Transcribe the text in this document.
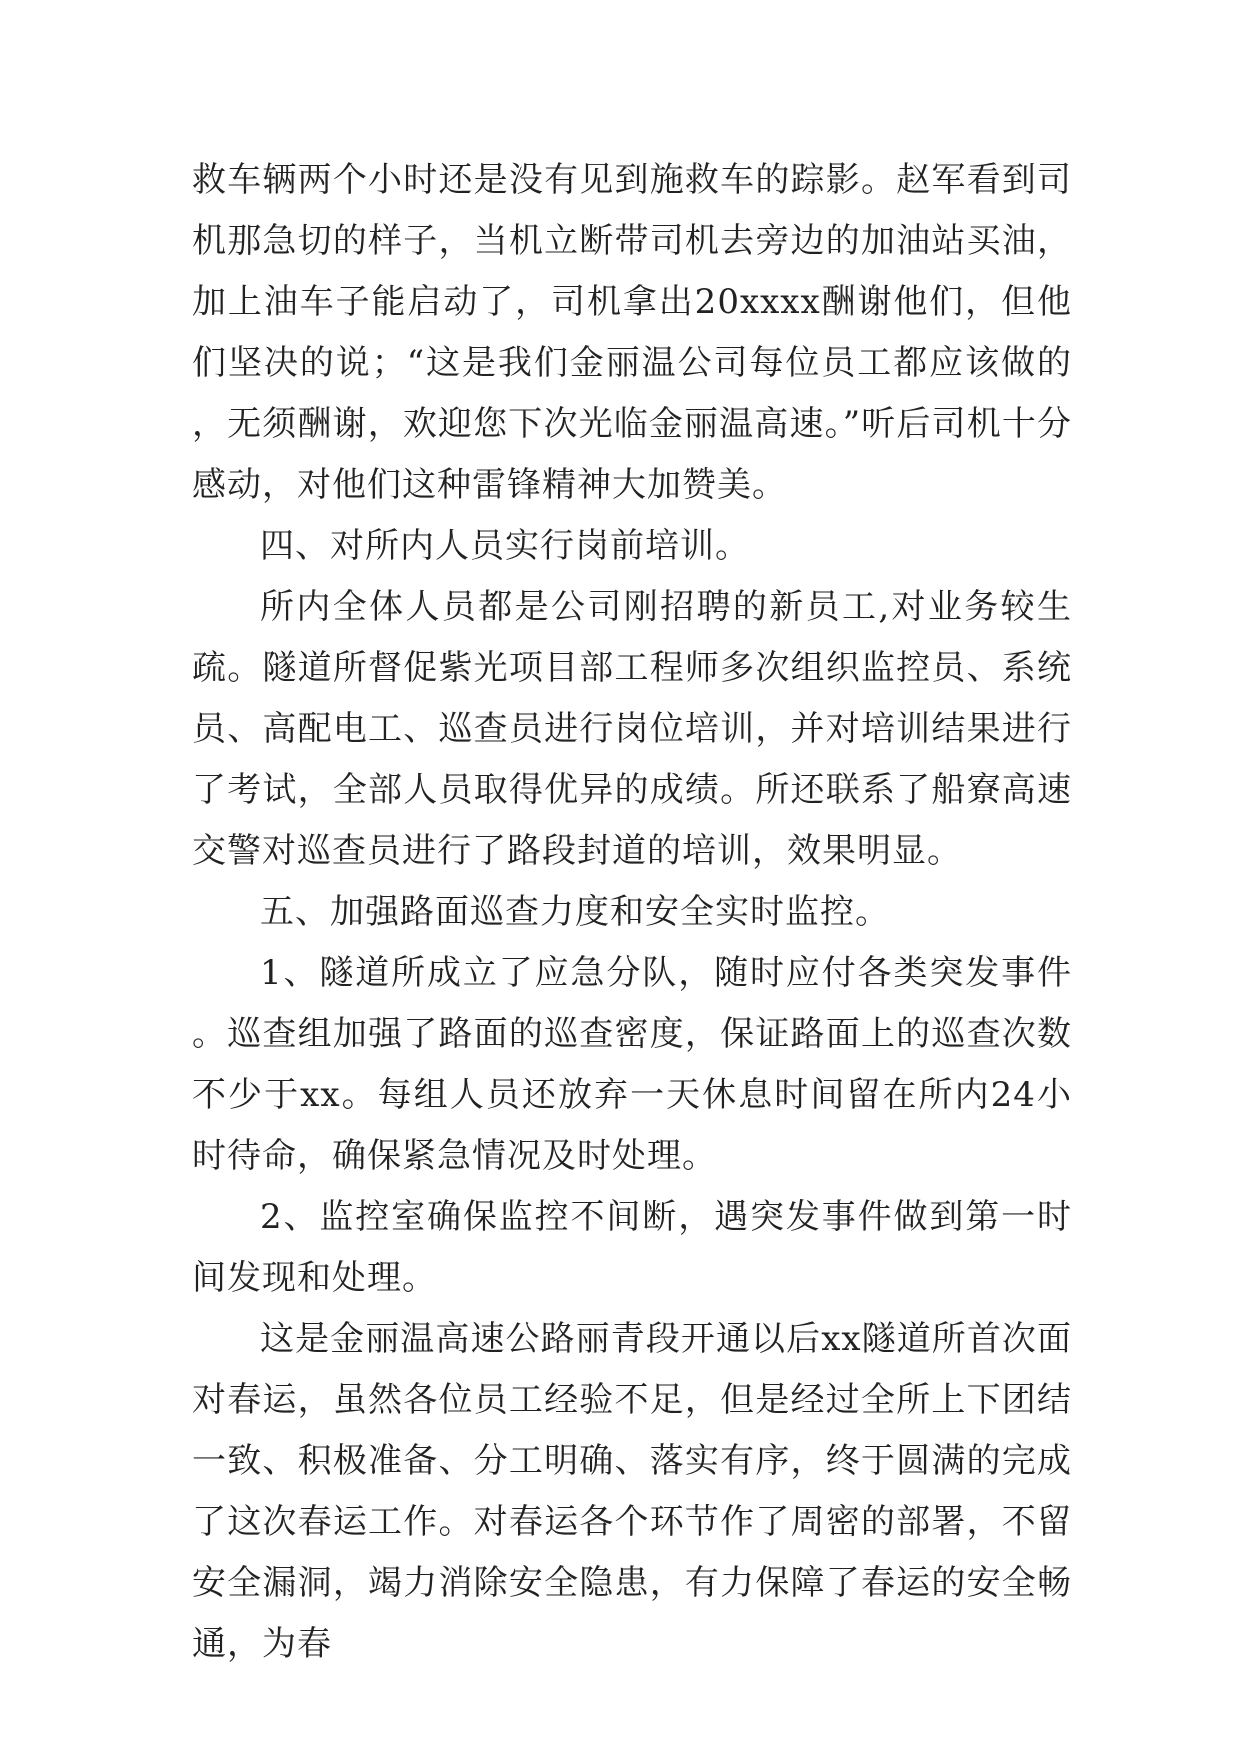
救车辆两个小时还是没有见到施救车的踪影。赵军看到司机那急切的样子，当机立断带司机去旁边的加油站买油，加上油车子能启动了，司机拿出20xxxx酬谢他们，但他们坚决的说；“这是我们金丽温公司每位员工都应该做的，无须酬谢，欢迎您下次光临金丽温高速。”听后司机十分感动，对他们这种雷锋精神大加赞美。

四、对所内人员实行岗前培训。

所内全体人员都是公司刚招聘的新员工,对业务较生疏。隧道所督促紫光项目部工程师多次组织监控员、系统员、高配电工、巡查员进行岗位培训，并对培训结果进行了考试，全部人员取得优异的成绩。所还联系了船寮高速交警对巡查员进行了路段封道的培训，效果明显。

五、加强路面巡查力度和安全实时监控。

1、隧道所成立了应急分队，随时应付各类突发事件。巡查组加强了路面的巡查密度，保证路面上的巡查次数不少于xx。每组人员还放弃一天休息时间留在所内24小时待命，确保紧急情况及时处理。

2、监控室确保监控不间断，遇突发事件做到第一时间发现和处理。

这是金丽温高速公路丽青段开通以后xx隧道所首次面对春运，虽然各位员工经验不足，但是经过全所上下团结一致、积极准备、分工明确、落实有序，终于圆满的完成了这次春运工作。对春运各个环节作了周密的部署，不留安全漏洞，竭力消除安全隐患，有力保障了春运的安全畅通，为春
